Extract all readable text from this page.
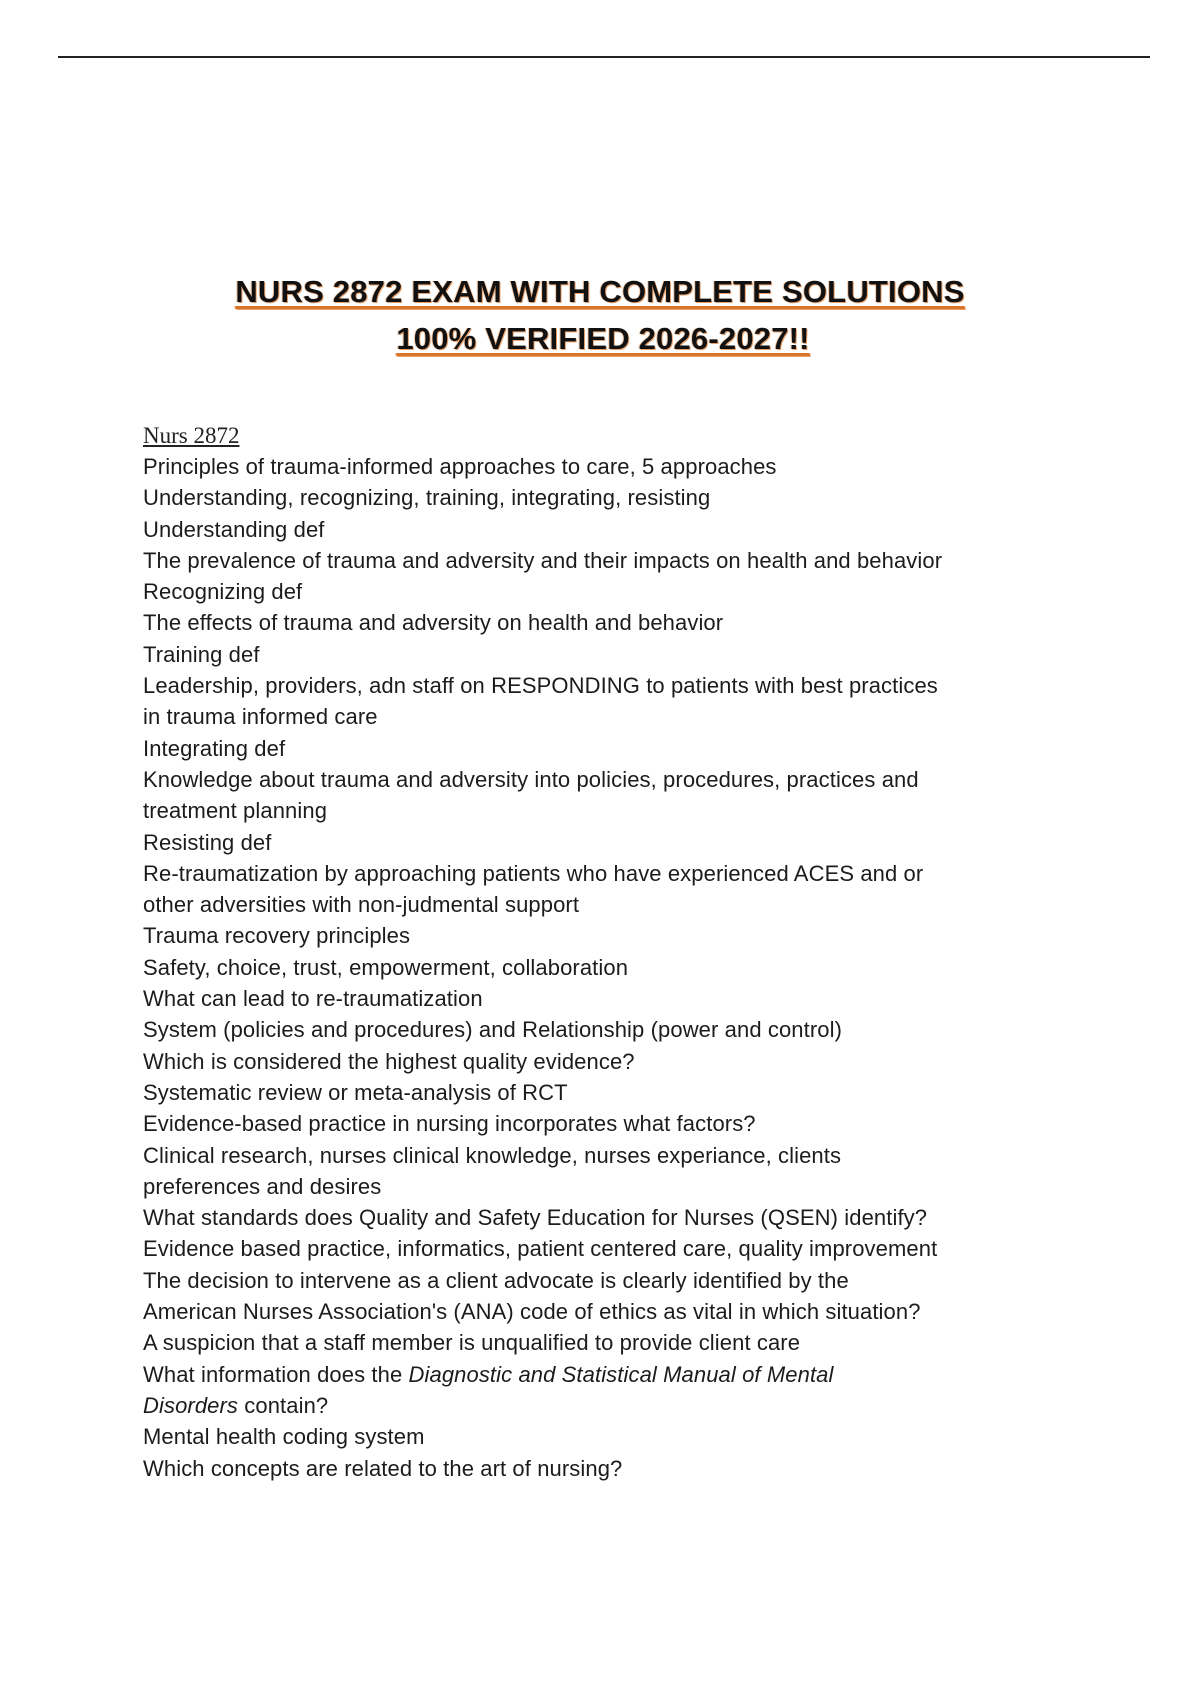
NURS 2872 EXAM WITH COMPLETE SOLUTIONS
100% VERIFIED 2026-2027!!

Nurs 2872

Principles of trauma-informed approaches to care, 5 approaches

Understanding, recognizing, training, integrating, resisting

Understanding def

The prevalence of trauma and adversity and their impacts on health and behavior

Recognizing def

The effects of trauma and adversity on health and behavior

Training def

Leadership, providers, adn staff on RESPONDING to patients with best practices

in trauma informed care

Integrating def

Knowledge about trauma and adversity into policies, procedures, practices and

treatment planning

Resisting def

Re-traumatization by approaching patients who have experienced ACES and or

other adversities with non-judmental support

Trauma recovery principles

Safety, choice, trust, empowerment, collaboration

What can lead to re-traumatization

System (policies and procedures) and Relationship (power and control)

Which is considered the highest quality evidence?

Systematic review or meta-analysis of RCT

Evidence-based practice in nursing incorporates what factors?

Clinical research, nurses clinical knowledge, nurses experiance, clients

preferences and desires

What standards does Quality and Safety Education for Nurses (QSEN) identify?

Evidence based practice, informatics, patient centered care, quality improvement

The decision to intervene as a client advocate is clearly identified by the

American Nurses Association's (ANA) code of ethics as vital in which situation?

A suspicion that a staff member is unqualified to provide client care

What information does the Diagnostic and Statistical Manual of Mental

Disorders contain?

Mental health coding system

Which concepts are related to the art of nursing?
